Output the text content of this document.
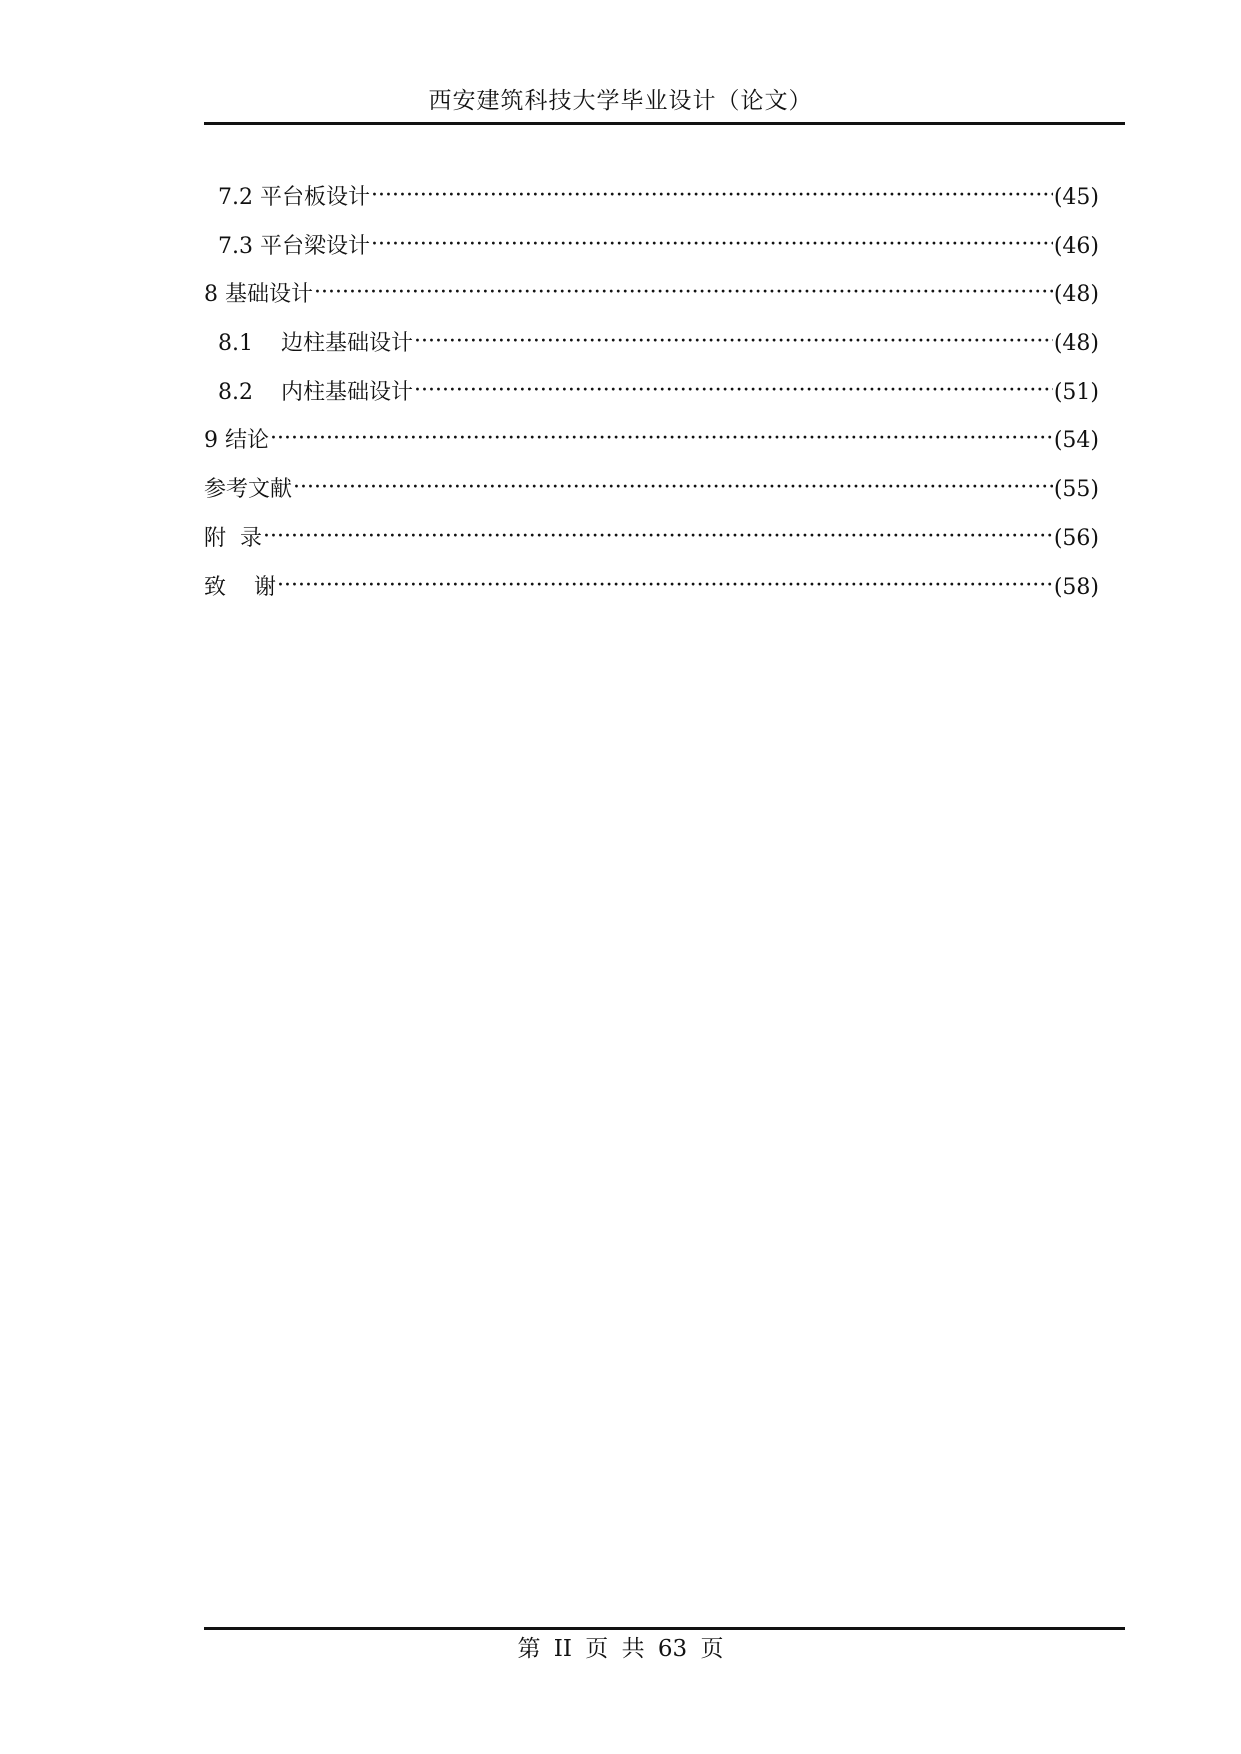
西安建筑科技大学毕业设计（论文）
7.2 平台板设计 ·····	(45)
7.3 平台梁设计 ·····	(46)
8 基础设计 ·····	(48)
8.1    边柱基础设计 ·····	(48)
8.2    内柱基础设计 ·····	(51)
9 结论 ·····	(54)
参考文献 ·····	(55)
附  录 ·····	(56)
致    谢 ·····	(58)
第 II 页 共 63 页
